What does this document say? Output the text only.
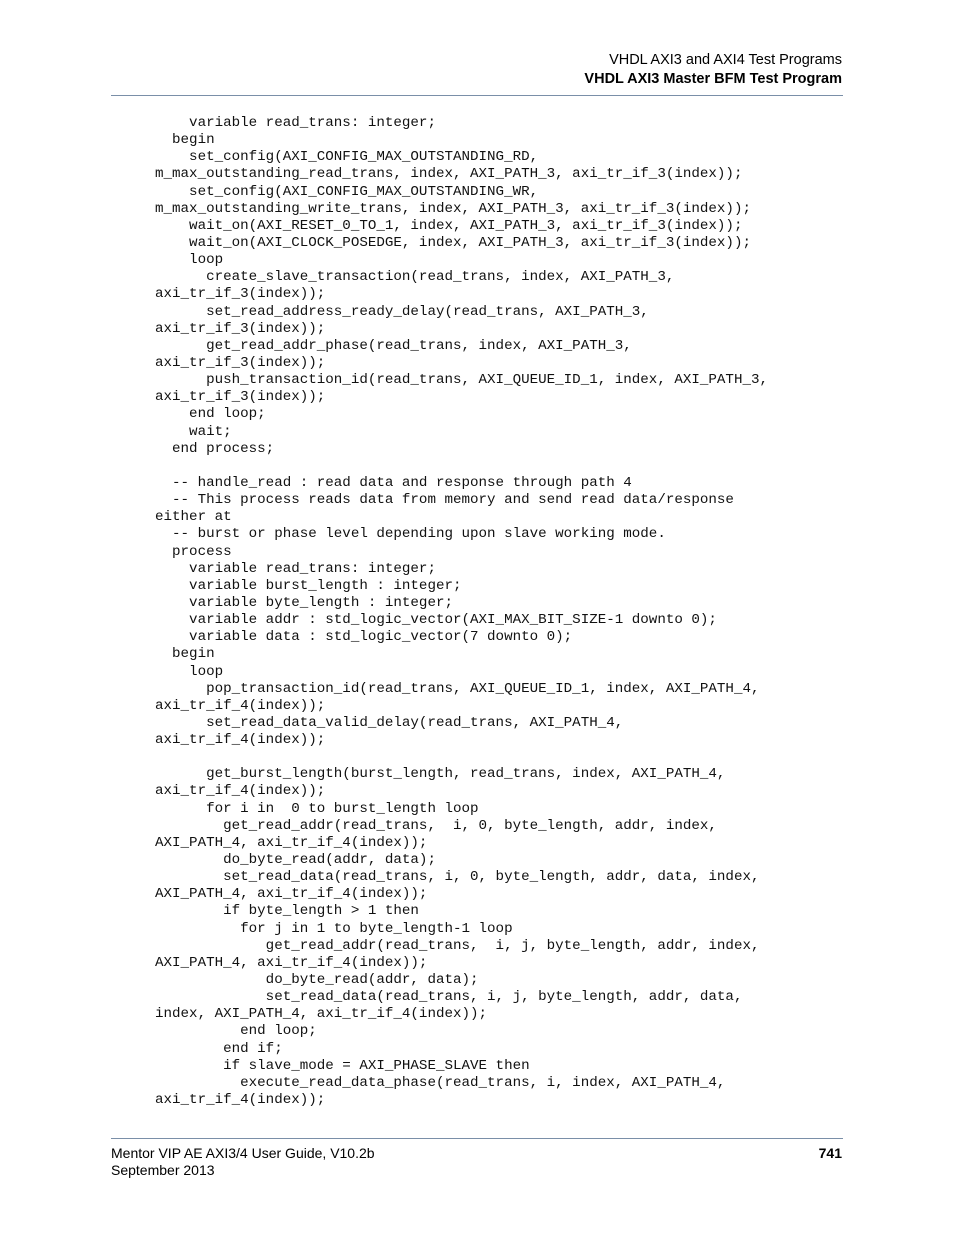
VHDL AXI3 and AXI4 Test Programs
VHDL AXI3 Master BFM Test Program
variable read_trans: integer;
begin
set_config(AXI_CONFIG_MAX_OUTSTANDING_RD,
m_max_outstanding_read_trans, index, AXI_PATH_3, axi_tr_if_3(index));
set_config(AXI_CONFIG_MAX_OUTSTANDING_WR,
m_max_outstanding_write_trans, index, AXI_PATH_3, axi_tr_if_3(index));
wait_on(AXI_RESET_0_TO_1, index, AXI_PATH_3, axi_tr_if_3(index));
wait_on(AXI_CLOCK_POSEDGE, index, AXI_PATH_3, axi_tr_if_3(index));
loop
create_slave_transaction(read_trans, index, AXI_PATH_3,
axi_tr_if_3(index));
set_read_address_ready_delay(read_trans, AXI_PATH_3,
axi_tr_if_3(index));
get_read_addr_phase(read_trans, index, AXI_PATH_3,
axi_tr_if_3(index));
push_transaction_id(read_trans, AXI_QUEUE_ID_1, index, AXI_PATH_3,
axi_tr_if_3(index));
end loop;
wait;
end process;
-- handle_read : read data and response through path 4
-- This process reads data from memory and send read data/response
either at
-- burst or phase level depending upon slave working mode.
process
variable read_trans: integer;
variable burst_length : integer;
variable byte_length : integer;
variable addr : std_logic_vector(AXI_MAX_BIT_SIZE-1 downto 0);
variable data : std_logic_vector(7 downto 0);
begin
loop
pop_transaction_id(read_trans, AXI_QUEUE_ID_1, index, AXI_PATH_4,
axi_tr_if_4(index));
set_read_data_valid_delay(read_trans, AXI_PATH_4,
axi_tr_if_4(index));
get_burst_length(burst_length, read_trans, index, AXI_PATH_4,
axi_tr_if_4(index));
for i in  0 to burst_length loop
get_read_addr(read_trans,  i, 0, byte_length, addr, index,
AXI_PATH_4, axi_tr_if_4(index));
do_byte_read(addr, data);
set_read_data(read_trans, i, 0, byte_length, addr, data, index,
AXI_PATH_4, axi_tr_if_4(index));
if byte_length > 1 then
for j in 1 to byte_length-1 loop
get_read_addr(read_trans,  i, j, byte_length, addr, index,
AXI_PATH_4, axi_tr_if_4(index));
do_byte_read(addr, data);
set_read_data(read_trans, i, j, byte_length, addr, data,
index, AXI_PATH_4, axi_tr_if_4(index));
end loop;
end if;
if slave_mode = AXI_PHASE_SLAVE then
execute_read_data_phase(read_trans, i, index, AXI_PATH_4,
axi_tr_if_4(index));
Mentor VIP AE AXI3/4 User Guide, V10.2b
September 2013
741
